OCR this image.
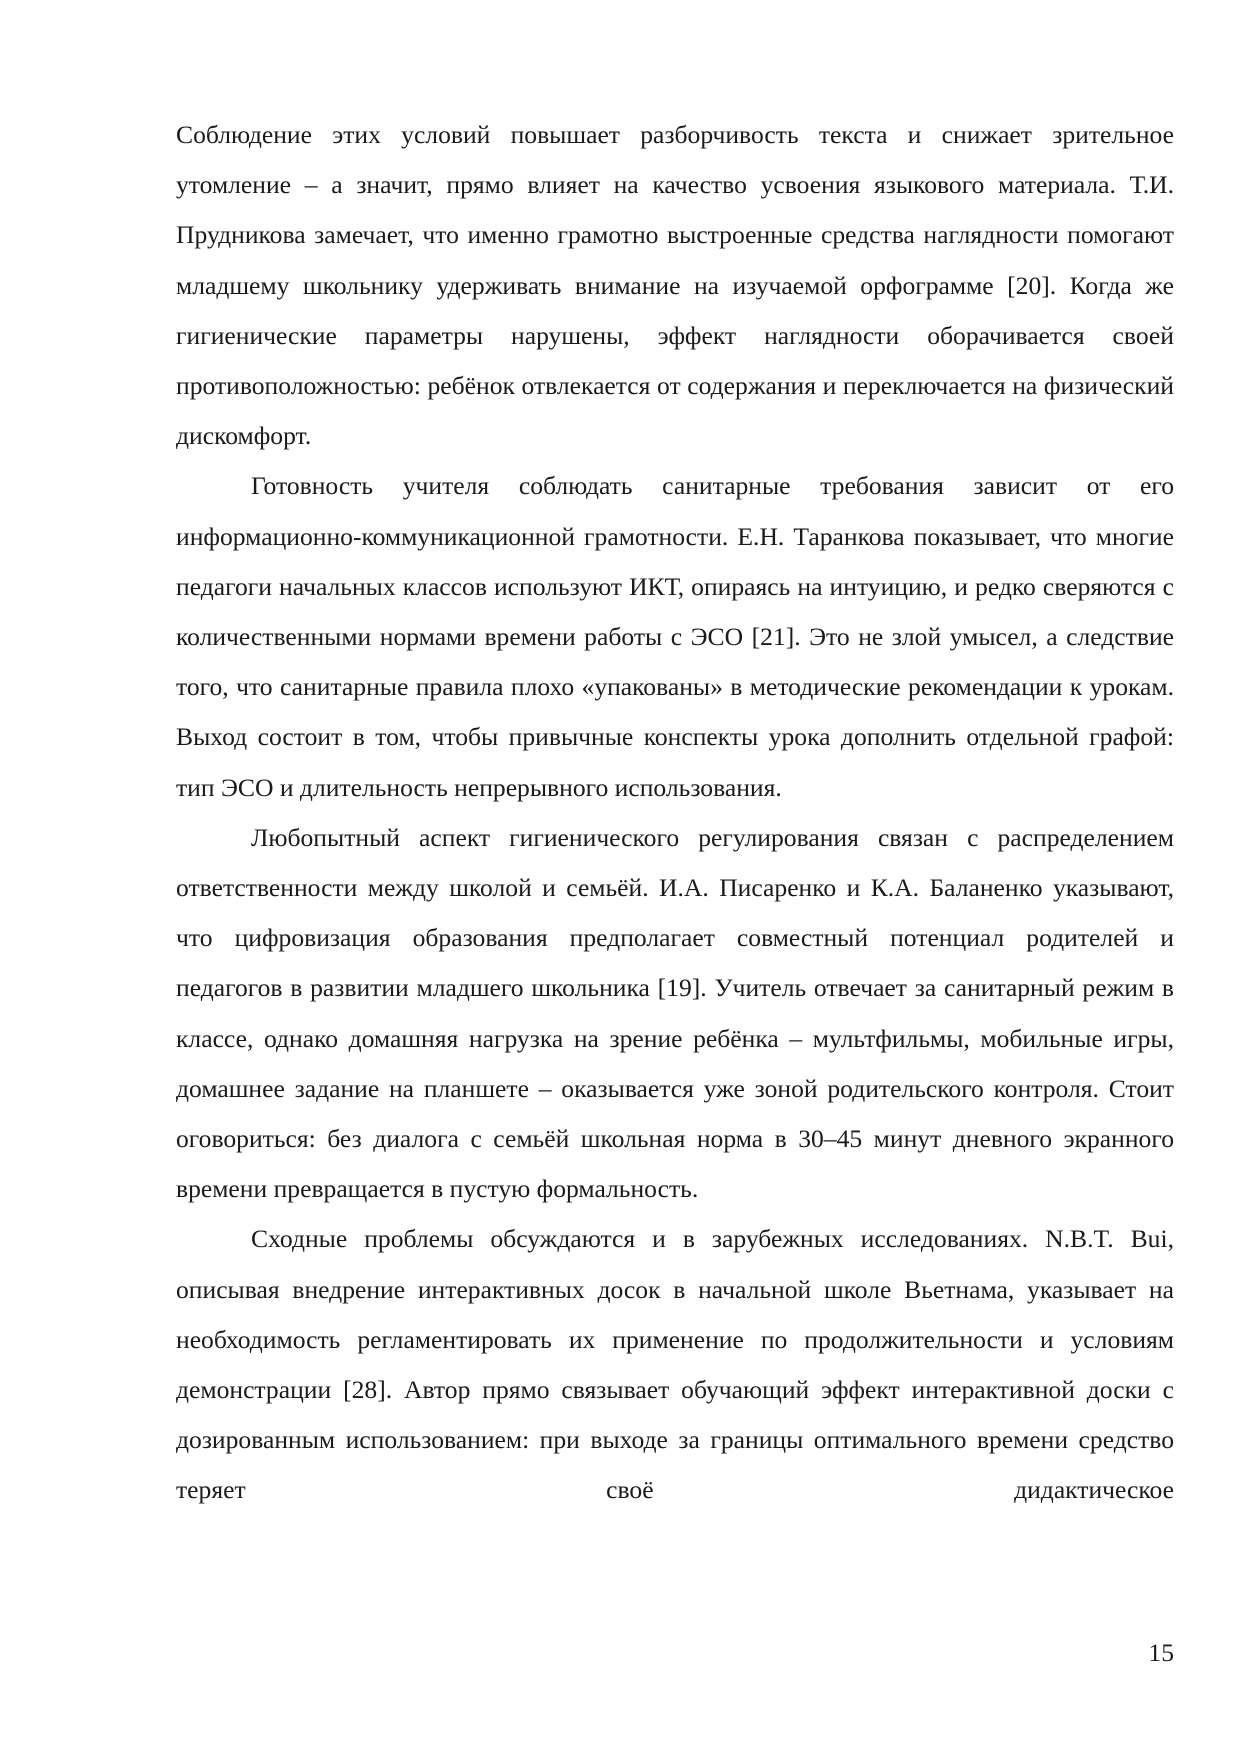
Соблюдение этих условий повышает разборчивость текста и снижает зрительное утомление – а значит, прямо влияет на качество усвоения языкового материала. Т.И. Прудникова замечает, что именно грамотно выстроенные средства наглядности помогают младшему школьнику удерживать внимание на изучаемой орфограмме [20]. Когда же гигиенические параметры нарушены, эффект наглядности оборачивается своей противоположностью: ребёнок отвлекается от содержания и переключается на физический дискомфорт.

Готовность учителя соблюдать санитарные требования зависит от его информационно-коммуникационной грамотности. Е.Н. Таранкова показывает, что многие педагоги начальных классов используют ИКТ, опираясь на интуицию, и редко сверяются с количественными нормами времени работы с ЭСО [21]. Это не злой умысел, а следствие того, что санитарные правила плохо «упакованы» в методические рекомендации к урокам. Выход состоит в том, чтобы привычные конспекты урока дополнить отдельной графой: тип ЭСО и длительность непрерывного использования.

Любопытный аспект гигиенического регулирования связан с распределением ответственности между школой и семьёй. И.А. Писаренко и К.А. Баланенко указывают, что цифровизация образования предполагает совместный потенциал родителей и педагогов в развитии младшего школьника [19]. Учитель отвечает за санитарный режим в классе, однако домашняя нагрузка на зрение ребёнка – мультфильмы, мобильные игры, домашнее задание на планшете – оказывается уже зоной родительского контроля. Стоит оговориться: без диалога с семьёй школьная норма в 30–45 минут дневного экранного времени превращается в пустую формальность.

Сходные проблемы обсуждаются и в зарубежных исследованиях. N.B.T. Bui, описывая внедрение интерактивных досок в начальной школе Вьетнама, указывает на необходимость регламентировать их применение по продолжительности и условиям демонстрации [28]. Автор прямо связывает обучающий эффект интерактивной доски с дозированным использованием: при выходе за границы оптимального времени средство теряет своё дидактическое

15
